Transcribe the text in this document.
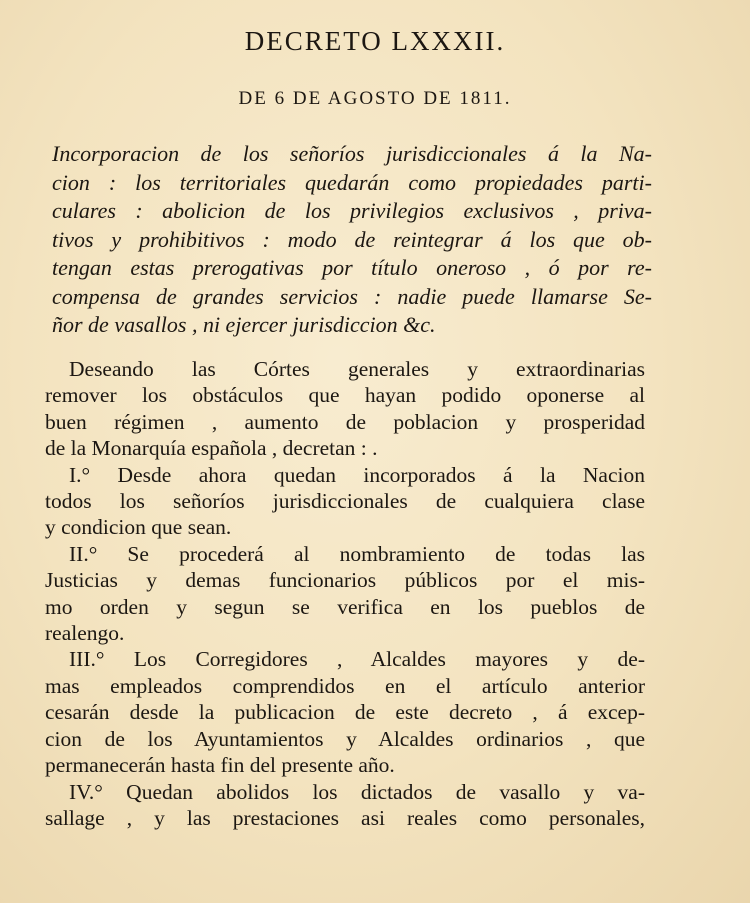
DECRETO LXXXII.
DE 6 DE AGOSTO DE 1811.
Incorporacion de los señoríos jurisdiccionales á la Na-
cion : los territoriales quedarán como propiedades parti-
culares : abolicion de los privilegios exclusivos , priva-
tivos y prohibitivos : modo de reintegrar á los que ob-
tengan estas prerogativas por título oneroso , ó por re-
compensa de grandes servicios : nadie puede llamarse Se-
ñor de vasallos , ni ejercer jurisdiccion &c.
Deseando las Córtes generales y extraordinarias
remover los obstáculos que hayan podido oponerse al
buen régimen , aumento de poblacion y prosperidad
de la Monarquía española , decretan : .
I.° Desde ahora quedan incorporados á la Nacion
todos los señoríos jurisdiccionales de cualquiera clase
y condicion que sean.
II.° Se procederá al nombramiento de todas las
Justicias y demas funcionarios públicos por el mis-
mo orden y segun se verifica en los pueblos de
realengo.
III.° Los Corregidores , Alcaldes mayores y de-
mas empleados comprendidos en el artículo anterior
cesarán desde la publicacion de este decreto , á excep-
cion de los Ayuntamientos y Alcaldes ordinarios , que
permanecerán hasta fin del presente año.
IV.° Quedan abolidos los dictados de vasallo y va-
sallage , y las prestaciones asi reales como personales,
